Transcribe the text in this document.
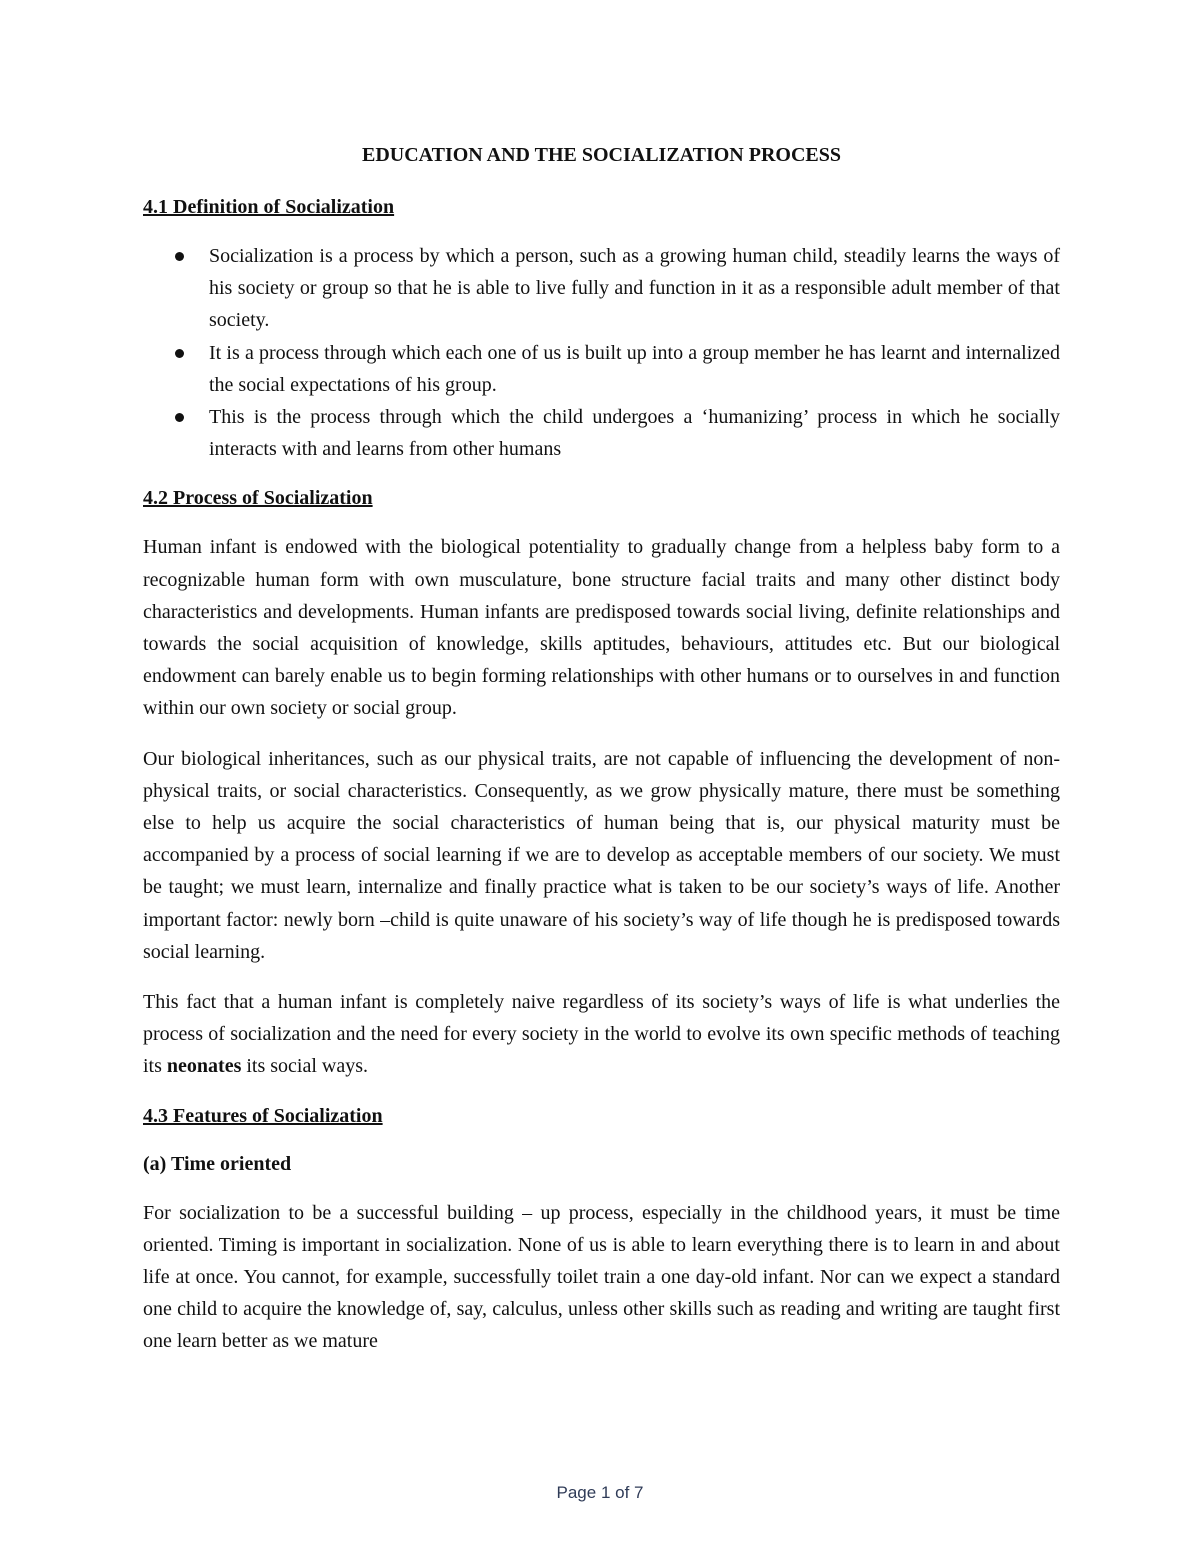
EDUCATION AND THE SOCIALIZATION PROCESS
4.1 Definition of Socialization
Socialization is a process by which a person, such as a growing human child, steadily learns the ways of his society or group so that he is able to live fully and function in it as a responsible adult member of that society.
It is a process through which each one of us is built up into a group member he has learnt and internalized the social expectations of his group.
This is the process through which the child undergoes a ‘humanizing’ process in which he socially interacts with and learns from other humans
4.2 Process of Socialization

Human infant is endowed with the biological potentiality to gradually change from a helpless baby form to a recognizable human form with own musculature, bone structure facial traits and many other distinct body characteristics and developments. Human infants are predisposed towards social living, definite relationships and towards the social acquisition of knowledge, skills aptitudes, behaviours, attitudes etc. But our biological endowment can barely enable us to begin forming relationships with other humans or to ourselves in and function within our own society or social group.

Our biological inheritances, such as our physical traits, are not capable of influencing the development of non- physical traits, or social characteristics. Consequently, as we grow physically mature, there must be something else to help us acquire the social characteristics of human being that is, our physical maturity must be accompanied by a process of social learning if we are to develop as acceptable members of our society. We must be taught; we must learn, internalize and finally practice what is taken to be our society’s ways of life. Another important factor: newly born –child is quite unaware of his society’s way of life though he is predisposed towards social learning.

This fact that a human infant is completely naive regardless of its society’s ways of life is what underlies the process of socialization and the need for every society in the world to evolve its own specific methods of teaching its neonates its social ways.

4.3 Features of Socialization
(a) Time oriented

For socialization to be a successful building – up process, especially in the childhood years, it must be time oriented. Timing is important in socialization. None of us is able to learn everything there is to learn in and about life at once. You cannot, for example, successfully toilet train a one day-old infant. Nor can we expect a standard one child to acquire the knowledge of, say, calculus, unless other skills such as reading and writing are taught first one learn better as we mature

Page 1 of 7
